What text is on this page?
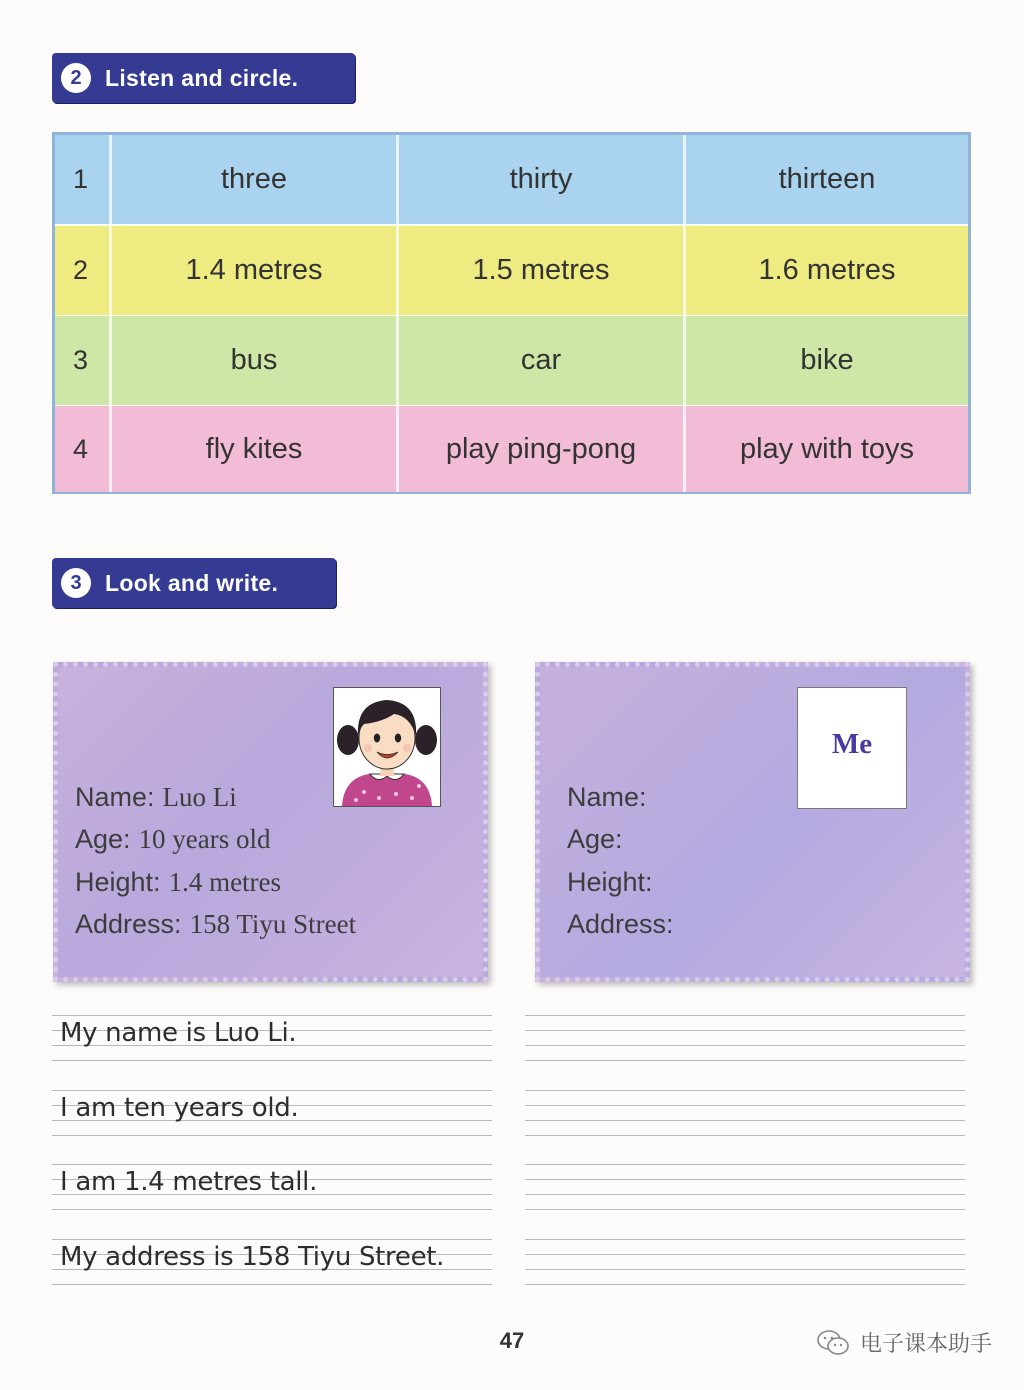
2	Listen and circle.
1	three	thirty	thirteen
2	1.4 metres	1.5 metres	1.6 metres
3	bus	car	bike
4	fly kites	play ping-pong	play with toys
3	Look and write.
Name: Luo Li
Age: 10 years old
Height: 1.4 metres
Address: 158 Tiyu Street
Me
Name:
Age:
Height:
Address:
My name is Luo Li.
I am ten years old.
I am 1.4 metres tall.
My address is 158 Tiyu Street.
47	电子课本助手
